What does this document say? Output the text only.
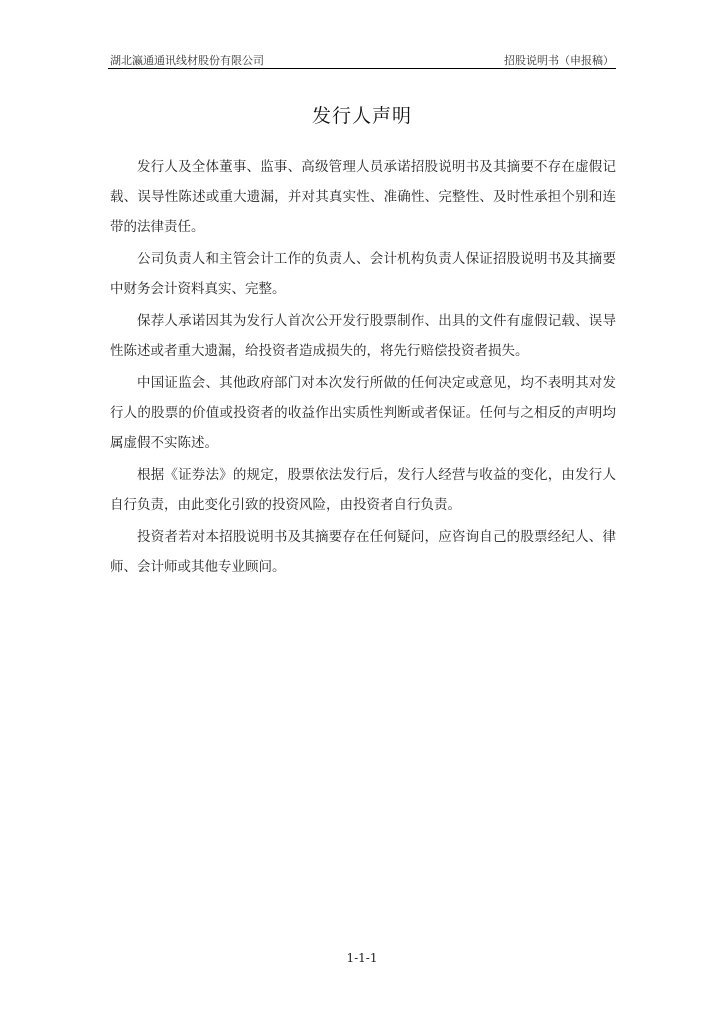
湖北瀛通通讯线材股份有限公司	招股说明书（申报稿）
发行人声明

发行人及全体董事、监事、高级管理人员承诺招股说明书及其摘要不存在虚假记载、误导性陈述或重大遗漏，并对其真实性、准确性、完整性、及时性承担个别和连带的法律责任。

公司负责人和主管会计工作的负责人、会计机构负责人保证招股说明书及其摘要中财务会计资料真实、完整。

保荐人承诺因其为发行人首次公开发行股票制作、出具的文件有虚假记载、误导性陈述或者重大遗漏，给投资者造成损失的，将先行赔偿投资者损失。

中国证监会、其他政府部门对本次发行所做的任何决定或意见，均不表明其对发行人的股票的价值或投资者的收益作出实质性判断或者保证。任何与之相反的声明均属虚假不实陈述。

根据《证券法》的规定，股票依法发行后，发行人经营与收益的变化，由发行人自行负责，由此变化引致的投资风险，由投资者自行负责。

投资者若对本招股说明书及其摘要存在任何疑问，应咨询自己的股票经纪人、律师、会计师或其他专业顾问。

1-1-1
